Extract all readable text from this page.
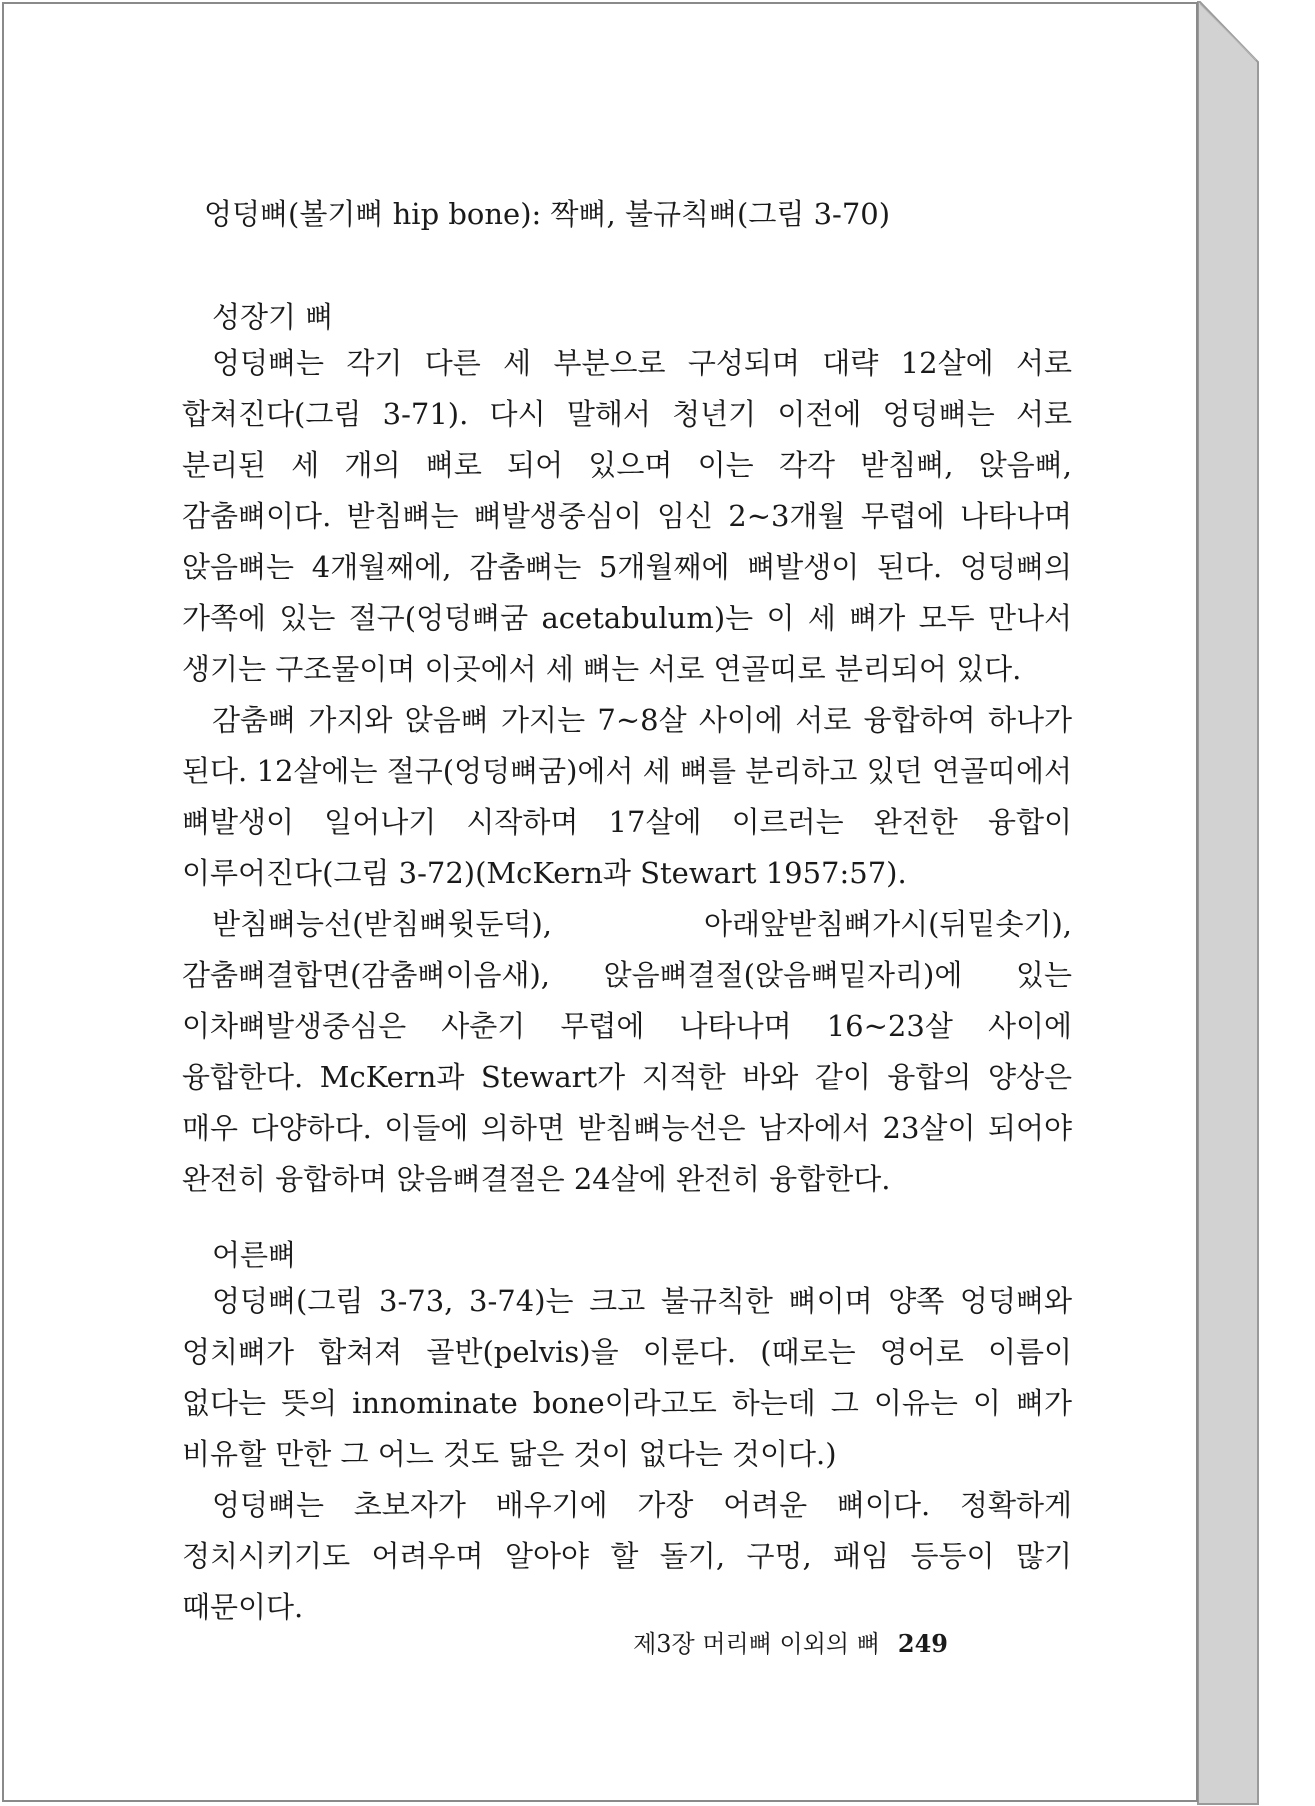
엉덩뼈(볼기뼈 hip bone): 짝뼈, 불규칙뼈(그림 3-70)

성장기 뼈

엉덩뼈는 각기 다른 세 부분으로 구성되며 대략 12살에 서로 합쳐진다(그림 3-71). 다시 말해서 청년기 이전에 엉덩뼈는 서로 분리된 세 개의 뼈로 되어 있으며 이는 각각 받침뼈, 앉음뼈, 감춤뼈이다. 받침뼈는 뼈발생중심이 임신 2~3개월 무렵에 나타나며 앉음뼈는 4개월째에, 감춤뼈는 5개월째에 뼈발생이 된다. 엉덩뼈의 가쪽에 있는 절구(엉덩뼈굼 acetabulum)는 이 세 뼈가 모두 만나서 생기는 구조물이며 이곳에서 세 뼈는 서로 연골띠로 분리되어 있다.

감춤뼈 가지와 앉음뼈 가지는 7~8살 사이에 서로 융합하여 하나가 된다. 12살에는 절구(엉덩뼈굼)에서 세 뼈를 분리하고 있던 연골띠에서 뼈발생이 일어나기 시작하며 17살에 이르러는 완전한 융합이 이루어진다(그림 3-72)(McKern과 Stewart 1957:57).

받침뼈능선(받침뼈윗둔덕), 아래앞받침뼈가시(뒤밑솟기), 감춤뼈결합면(감춤뼈이음새), 앉음뼈결절(앉음뼈밑자리)에 있는 이차뼈발생중심은 사춘기 무렵에 나타나며 16~23살 사이에 융합한다. McKern과 Stewart가 지적한 바와 같이 융합의 양상은 매우 다양하다. 이들에 의하면 받침뼈능선은 남자에서 23살이 되어야 완전히 융합하며 앉음뼈결절은 24살에 완전히 융합한다.

어른뼈

엉덩뼈(그림 3-73, 3-74)는 크고 불규칙한 뼈이며 양쪽 엉덩뼈와 엉치뼈가 합쳐져 골반(pelvis)을 이룬다. (때로는 영어로 이름이 없다는 뜻의 innominate bone이라고도 하는데 그 이유는 이 뼈가 비유할 만한 그 어느 것도 닮은 것이 없다는 것이다.)

엉덩뼈는 초보자가 배우기에 가장 어려운 뼈이다. 정확하게 정치시키기도 어려우며 알아야 할 돌기, 구멍, 패임 등등이 많기 때문이다.

제3장 머리뼈 이외의 뼈 249
